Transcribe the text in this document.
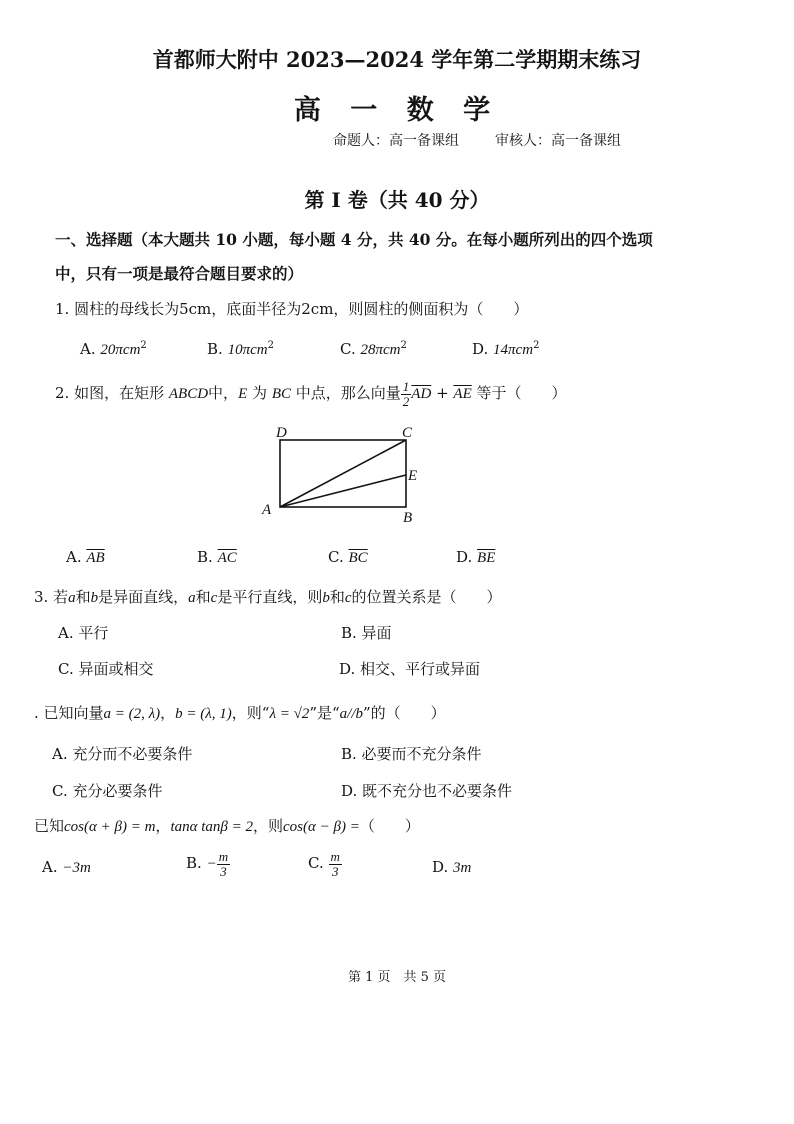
首都师大附中 2023—2024 学年第二学期期末练习
高 一 数 学
命题人：高一备课组	审核人：高一备课组
第 I 卷（共 40 分）
一、选择题（本大题共 10 小题，每小题 4 分，共 40 分。在每小题所列出的四个选项
中，只有一项是最符合题目要求的）
1. 圆柱的母线长为5cm，底面半径为2cm，则圆柱的侧面积为（　　）
A. 20πcm$^2$	B. 10πcm$^2$	C. 28πcm$^2$	D. 14πcm$^2$
2. 如图，在矩形 ABCD中，E 为 BC 中点，那么向量 $\frac{1}{2} \overline{AD} + \overline{AE}$ 等于（　　）
D	C
E
A	B
A. $\overline{AB}$	B. $\overline{AC}$	C. $\overline{BC}$	D. $\overline{BE}$
3. 若a和b是异面直线，a和c是平行直线，则b和c的位置关系是（　　）
A. 平行	B. 异面
C. 异面或相交	D. 相交、平行或异面
. 已知向量a = (2, λ)，b = (λ, 1)，则“λ = √2”是“a//b”的（　　）
A. 充分而不必要条件	B. 必要而不充分条件
C. 充分必要条件	D. 既不充分也不必要条件
已知cos(α + β) = m，tanα tanβ = 2，则cos(α − β) =（　　）
A. −3m	B. − $\frac{m}{3}$	C. $\frac{m}{3}$	D. 3m
第 1 页　共 5 页
